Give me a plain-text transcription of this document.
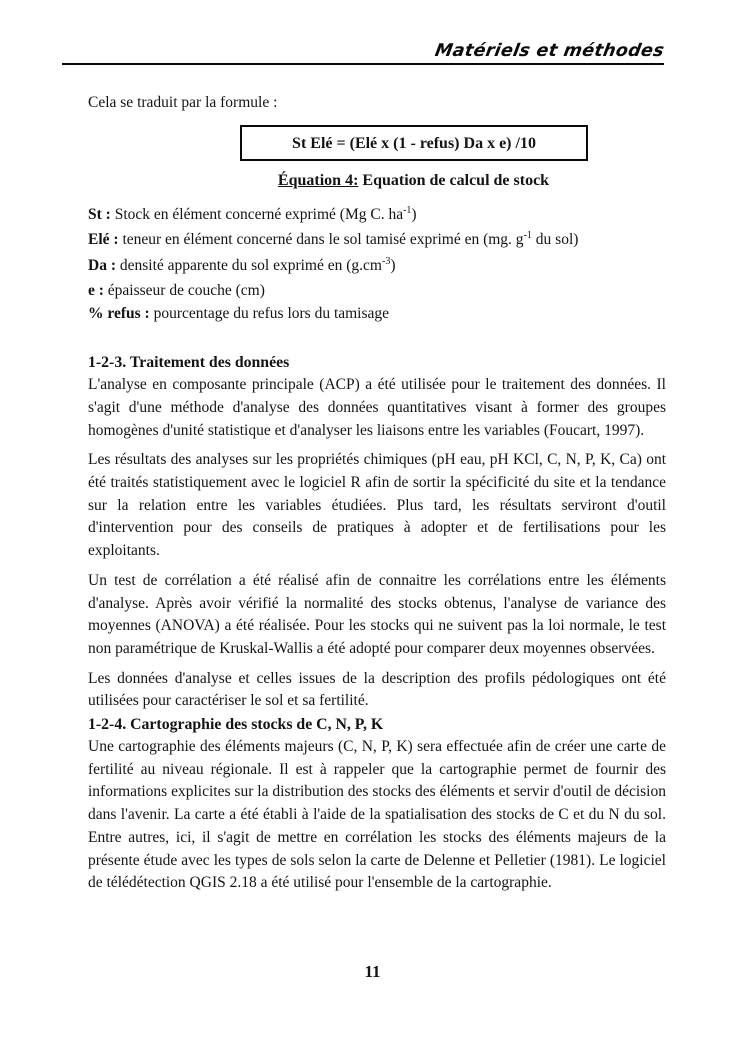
Matériels et méthodes

Cela se traduit par la formule :

St Elé = (Elé x (1 - refus) Da x e) /10

Équation 4: Equation de calcul de stock

St : Stock en élément concerné exprimé (Mg C. $ha^{-1}$)

Elé : teneur en élément concerné dans le sol tamisé exprimé en (mg. $g^{-1}$ du sol)

Da : densité apparente du sol exprimé en $(g.cm^{-3})$

e : épaisseur de couche (cm)

% refus : pourcentage du refus lors du tamisage

1-2-3. Traitement des données

L'analyse en composante principale (ACP) a été utilisée pour le traitement des données. Il s'agit d'une méthode d'analyse des données quantitatives visant à former des groupes homogènes d'unité statistique et d'analyser les liaisons entre les variables (Foucart, 1997).

Les résultats des analyses sur les propriétés chimiques (pH eau, pH KCl, C, N, P, K, Ca) ont été traités statistiquement avec le logiciel R afin de sortir la spécificité du site et la tendance sur la relation entre les variables étudiées. Plus tard, les résultats serviront d'outil d'intervention pour des conseils de pratiques à adopter et de fertilisations pour les exploitants.

Un test de corrélation a été réalisé afin de connaitre les corrélations entre les éléments d'analyse. Après avoir vérifié la normalité des stocks obtenus, l'analyse de variance des moyennes (ANOVA) a été réalisée. Pour les stocks qui ne suivent pas la loi normale, le test non paramétrique de Kruskal-Wallis a été adopté pour comparer deux moyennes observées.

Les données d'analyse et celles issues de la description des profils pédologiques ont été utilisées pour caractériser le sol et sa fertilité.

1-2-4. Cartographie des stocks de C, N, P, K

Une cartographie des éléments majeurs (C, N, P, K) sera effectuée afin de créer une carte de fertilité au niveau régionale. Il est à rappeler que la cartographie permet de fournir des informations explicites sur la distribution des stocks des éléments et servir d'outil de décision dans l'avenir. La carte a été établi à l'aide de la spatialisation des stocks de C et du N du sol. Entre autres, ici, il s'agit de mettre en corrélation les stocks des éléments majeurs de la présente étude avec les types de sols selon la carte de Delenne et Pelletier (1981). Le logiciel de télédétection QGIS 2.18 a été utilisé pour l'ensemble de la cartographie.

11
